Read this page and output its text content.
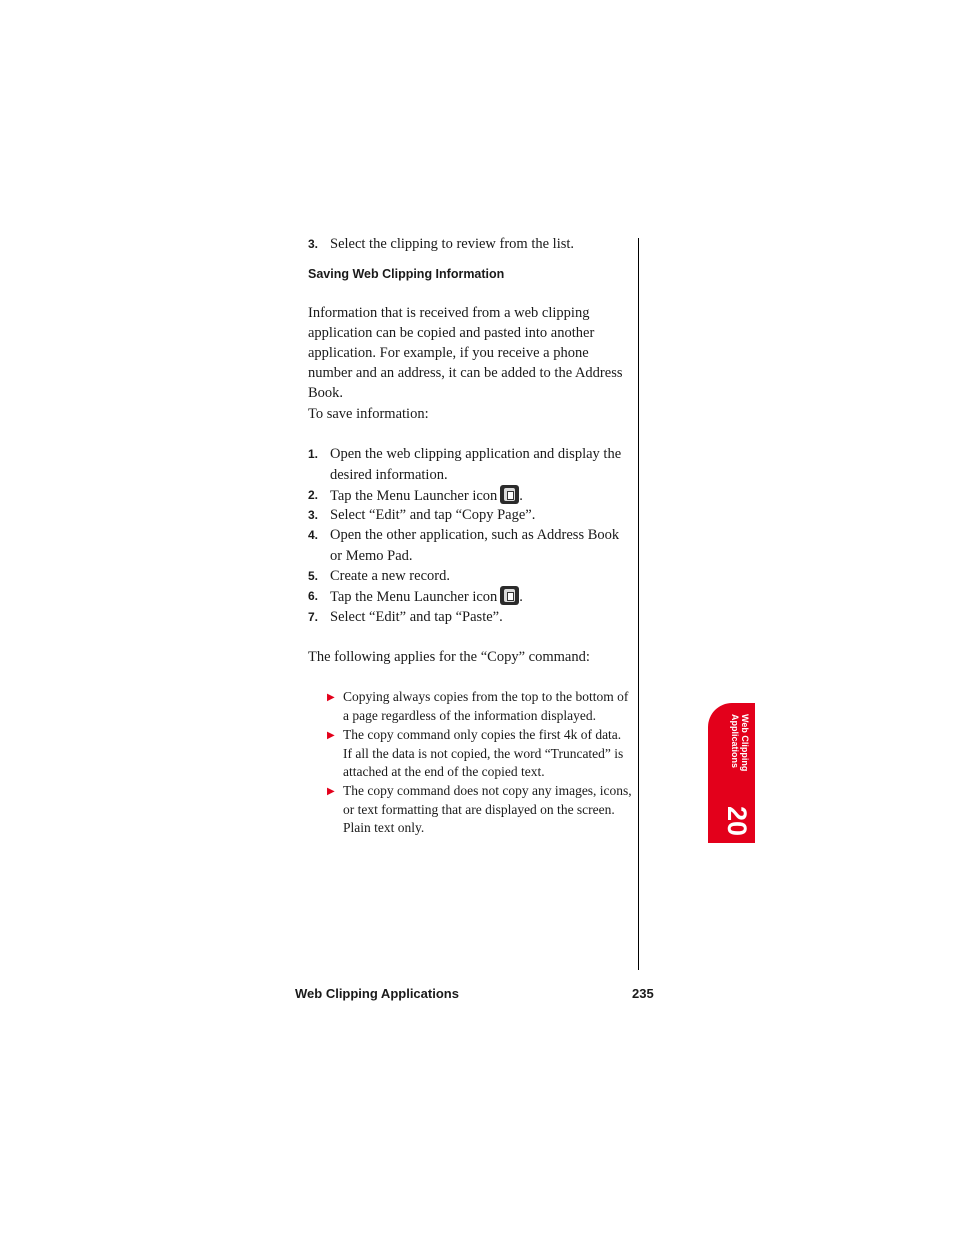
3. Select the clipping to review from the list.
Saving Web Clipping Information
Information that is received from a web clipping application can be copied and pasted into another application. For example, if you receive a phone number and an address, it can be added to the Address Book.
To save information:
1. Open the web clipping application and display the desired information.
2. Tap the Menu Launcher icon .
3. Select “Edit” and tap “Copy Page”.
4. Open the other application, such as Address Book or Memo Pad.
5. Create a new record.
6. Tap the Menu Launcher icon .
7. Select “Edit” and tap “Paste”.
The following applies for the “Copy” command:
▶ Copying always copies from the top to the bottom of a page regardless of the information displayed.
▶ The copy command only copies the first 4k of data. If all the data is not copied, the word “Truncated” is attached at the end of the copied text.
▶ The copy command does not copy any images, icons, or text formatting that are displayed on the screen. Plain text only.
Web Clipping
Applications
20
Web Clipping Applications	235
